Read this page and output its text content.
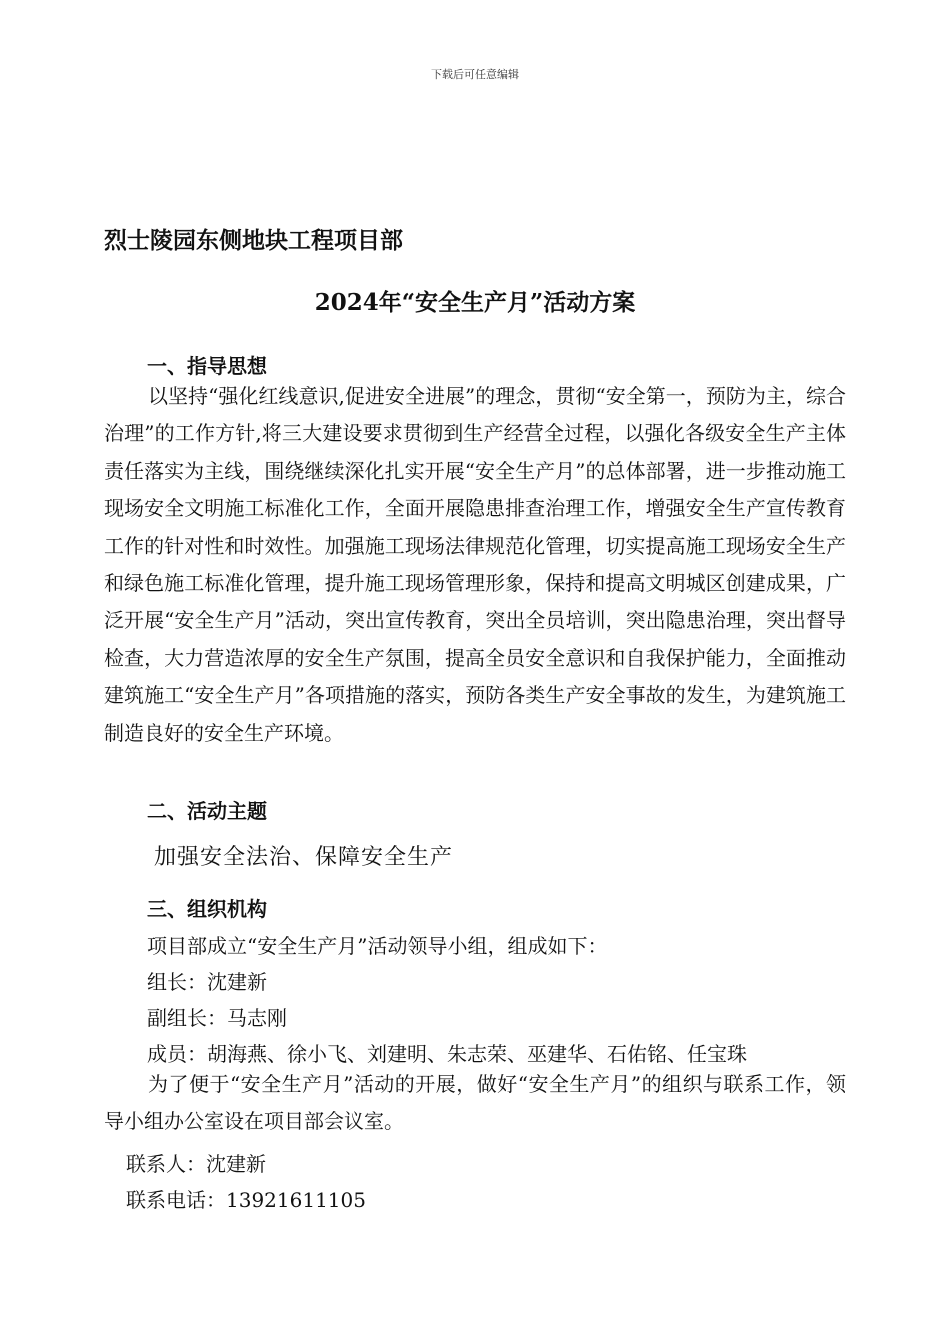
下载后可任意编辑
烈士陵园东侧地块工程项目部
2024年“安全生产月”活动方案
一、指导思想
以坚持“强化红线意识,促进安全进展”的理念，贯彻“安全第一，预防为主，综合治理”的工作方针,将三大建设要求贯彻到生产经营全过程，以强化各级安全生产主体责任落实为主线，围绕继续深化扎实开展“安全生产月”的总体部署，进一步推动施工现场安全文明施工标准化工作，全面开展隐患排查治理工作，增强安全生产宣传教育工作的针对性和时效性。加强施工现场法律规范化管理，切实提高施工现场安全生产和绿色施工标准化管理，提升施工现场管理形象，保持和提高文明城区创建成果，广泛开展“安全生产月”活动，突出宣传教育，突出全员培训，突出隐患治理，突出督导检查，大力营造浓厚的安全生产氛围，提高全员安全意识和自我保护能力，全面推动建筑施工“安全生产月”各项措施的落实，预防各类生产安全事故的发生，为建筑施工制造良好的安全生产环境。
二、活动主题
加强安全法治、保障安全生产
三、组织机构
项目部成立“安全生产月”活动领导小组，组成如下：
组长：沈建新
副组长：马志刚
成员：胡海燕、徐小飞、刘建明、朱志荣、巫建华、石佑铭、任宝珠
为了便于“安全生产月”活动的开展，做好“安全生产月”的组织与联系工作，领导小组办公室设在项目部会议室。
联系人：沈建新
联系电话：13921611105
